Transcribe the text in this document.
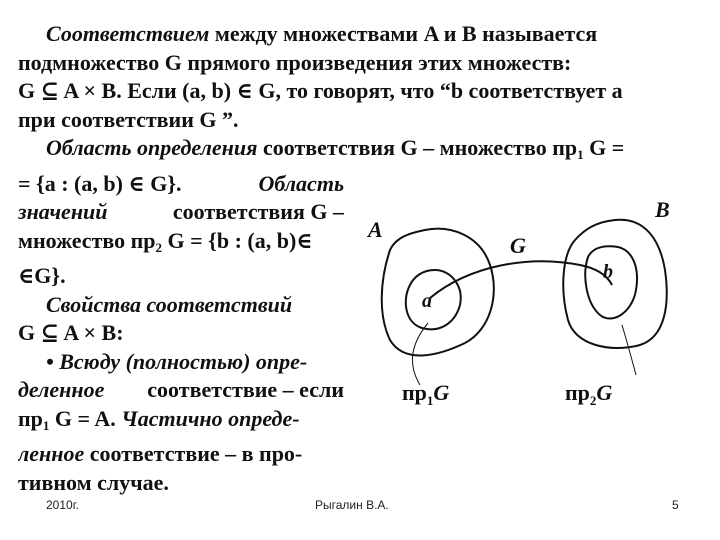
Соответствием между множествами A и B называется
подмножество G прямого произведения этих множеств:
G ⊆ A × B. Если (a, b) ∈ G, то говорят, что “b соответствует a
при соответствии G ”.
Область определения соответствия G – множество $пр_1$ G =
= {a : (a, b) ∈ G}.	Область
значений	соответствия G –
множество $пр_2$ G = {b : (a, b)∈
∈G}.
Свойства соответствий
G ⊆ A × B:
• Всюду (полностью) опре-
деленное соответствие – если
$пр_1$ G = A. Частично опреде-
ленное соответствие – в про-
тивном случае.
A
B
G
a
b
$пр_1G$	$пр_2G$
2010г.	Рыгалин В.А.	5
